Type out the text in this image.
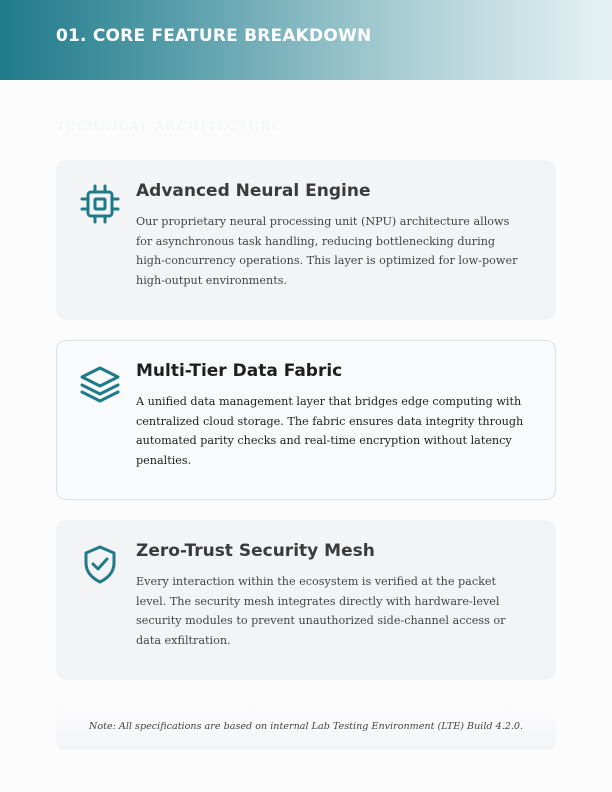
01. CORE FEATURE BREAKDOWN
TECHNICAL ARCHITECTURE
Advanced Neural Engine
Our proprietary neural processing unit (NPU) architecture allows for asynchronous task handling, reducing bottlenecking during high-concurrency operations. This layer is optimized for low-power high-output environments.
Multi-Tier Data Fabric
A unified data management layer that bridges edge computing with centralized cloud storage. The fabric ensures data integrity through automated parity checks and real-time encryption without latency penalties.
Zero-Trust Security Mesh
Every interaction within the ecosystem is verified at the packet level. The security mesh integrates directly with hardware-level security modules to prevent unauthorized side-channel access or data exfiltration.
Note: All specifications are based on internal Lab Testing Environment (LTE) Build 4.2.0.
